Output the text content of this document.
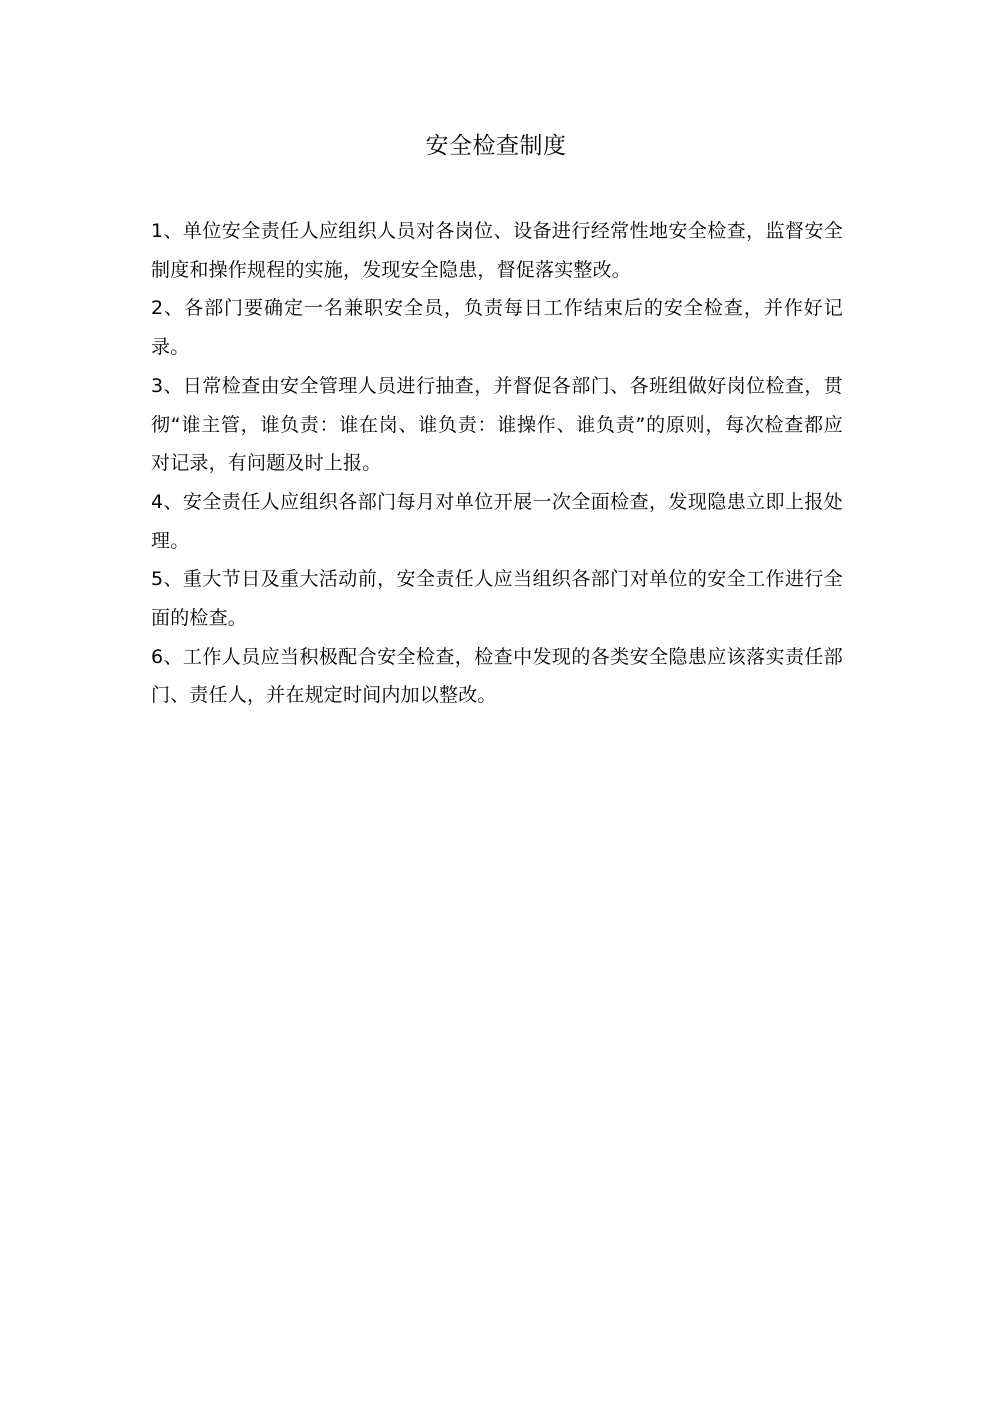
安全检查制度

1、单位安全责任人应组织人员对各岗位、设备进行经常性地安全检查，监督安全制度和操作规程的实施，发现安全隐患，督促落实整改。

2、各部门要确定一名兼职安全员，负责每日工作结束后的安全检查，并作好记录。

3、日常检查由安全管理人员进行抽查，并督促各部门、各班组做好岗位检查，贯彻“谁主管，谁负责：谁在岗、谁负责：谁操作、谁负责”的原则，每次检查都应对记录，有问题及时上报。

4、安全责任人应组织各部门每月对单位开展一次全面检查，发现隐患立即上报处理。

5、重大节日及重大活动前，安全责任人应当组织各部门对单位的安全工作进行全面的检查。

6、工作人员应当积极配合安全检查，检查中发现的各类安全隐患应该落实责任部门、责任人，并在规定时间内加以整改。
